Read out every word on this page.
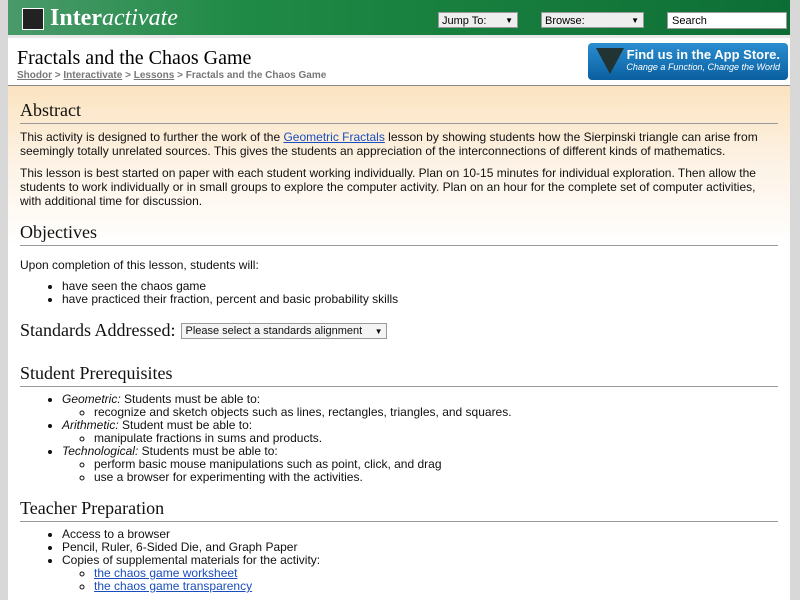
Inter activate	Jump To: ▼	Browse:	▼	Search
Fractals and the Chaos Game
Shodor > Interactivate > Lessons > Fractals and the Chaos Game
Find us in the App Store.
Change a Function, Change the World
Abstract

This activity is designed to further the work of the Geometric Fractals lesson by showing students how the Sierpinski triangle can arise from seemingly totally unrelated sources. This gives the students an appreciation of the interconnections of different kinds of mathematics.

This lesson is best started on paper with each student working individually. Plan on 10-15 minutes for individual exploration. Then allow the students to work individually or in small groups to explore the computer activity. Plan on an hour for the complete set of computer activities, with additional time for discussion.

Objectives

Upon completion of this lesson, students will:

• have seen the chaos game
• have practiced their fraction, percent and basic probability skills
Standards Addressed: Please select a standards alignment ▼
Student Prerequisites
• Geometric: Students must be able to:
◦ recognize and sketch objects such as lines, rectangles, triangles, and squares.
• Arithmetic: Student must be able to:
◦ manipulate fractions in sums and products.
• Technological: Students must be able to:
◦ perform basic mouse manipulations such as point, click, and drag
◦ use a browser for experimenting with the activities.
Teacher Preparation
• Access to a browser
• Pencil, Ruler, 6-Sided Die, and Graph Paper
• Copies of supplemental materials for the activity:
◦ the chaos game worksheet
◦ the chaos game transparency
